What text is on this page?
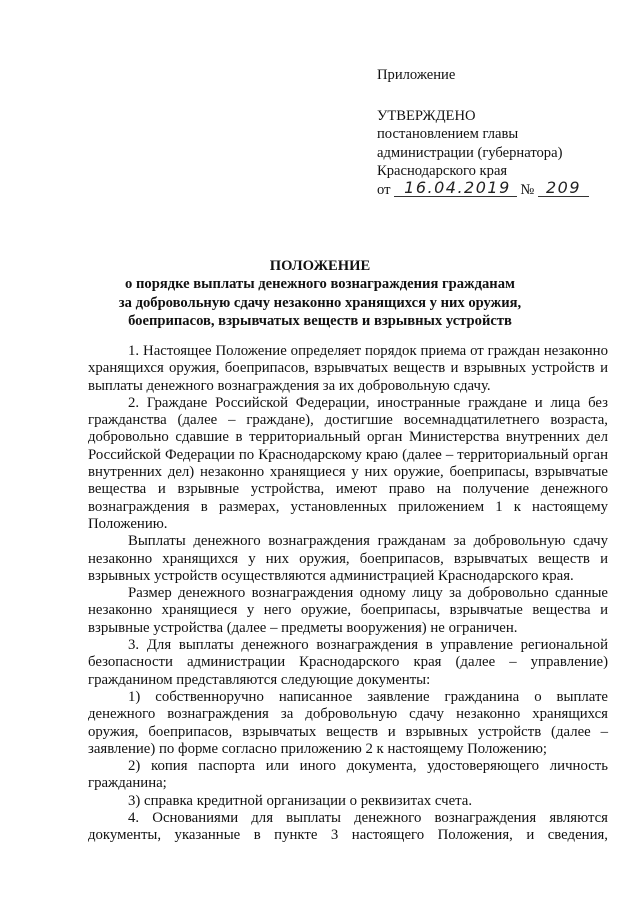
Приложение
УТВЕРЖДЕНО
постановлением главы
администрации (губернатора)
Краснодарского края
от 16.04.2019 № 209
ПОЛОЖЕНИЕ
о порядке выплаты денежного вознаграждения гражданам
за добровольную сдачу незаконно хранящихся у них оружия,
боеприпасов, взрывчатых веществ и взрывных устройств

1. Настоящее Положение определяет порядок приема от граждан незаконно хранящихся оружия, боеприпасов, взрывчатых веществ и взрывных устройств и выплаты денежного вознаграждения за их добровольную сдачу.

2. Граждане Российской Федерации, иностранные граждане и лица без гражданства (далее – граждане), достигшие восемнадцатилетнего возраста, добровольно сдавшие в территориальный орган Министерства внутренних дел Российской Федерации по Краснодарскому краю (далее – территориальный орган внутренних дел) незаконно хранящиеся у них оружие, боеприпасы, взрывчатые вещества и взрывные устройства, имеют право на получение денежного вознаграждения в размерах, установленных приложением 1 к настоящему Положению.

Выплаты денежного вознаграждения гражданам за добровольную сдачу незаконно хранящихся у них оружия, боеприпасов, взрывчатых веществ и взрывных устройств осуществляются администрацией Краснодарского края.

Размер денежного вознаграждения одному лицу за добровольно сданные незаконно хранящиеся у него оружие, боеприпасы, взрывчатые вещества и взрывные устройства (далее – предметы вооружения) не ограничен.

3. Для выплаты денежного вознаграждения в управление региональной безопасности администрации Краснодарского края (далее – управление) гражданином представляются следующие документы:

1) собственноручно написанное заявление гражданина о выплате денежного вознаграждения за добровольную сдачу незаконно хранящихся оружия, боеприпасов, взрывчатых веществ и взрывных устройств (далее – заявление) по форме согласно приложению 2 к настоящему Положению;

2) копия паспорта или иного документа, удостоверяющего личность гражданина;

3) справка кредитной организации о реквизитах счета.

4. Основаниями для выплаты денежного вознаграждения являются документы, указанные в пункте 3 настоящего Положения, и сведения,
